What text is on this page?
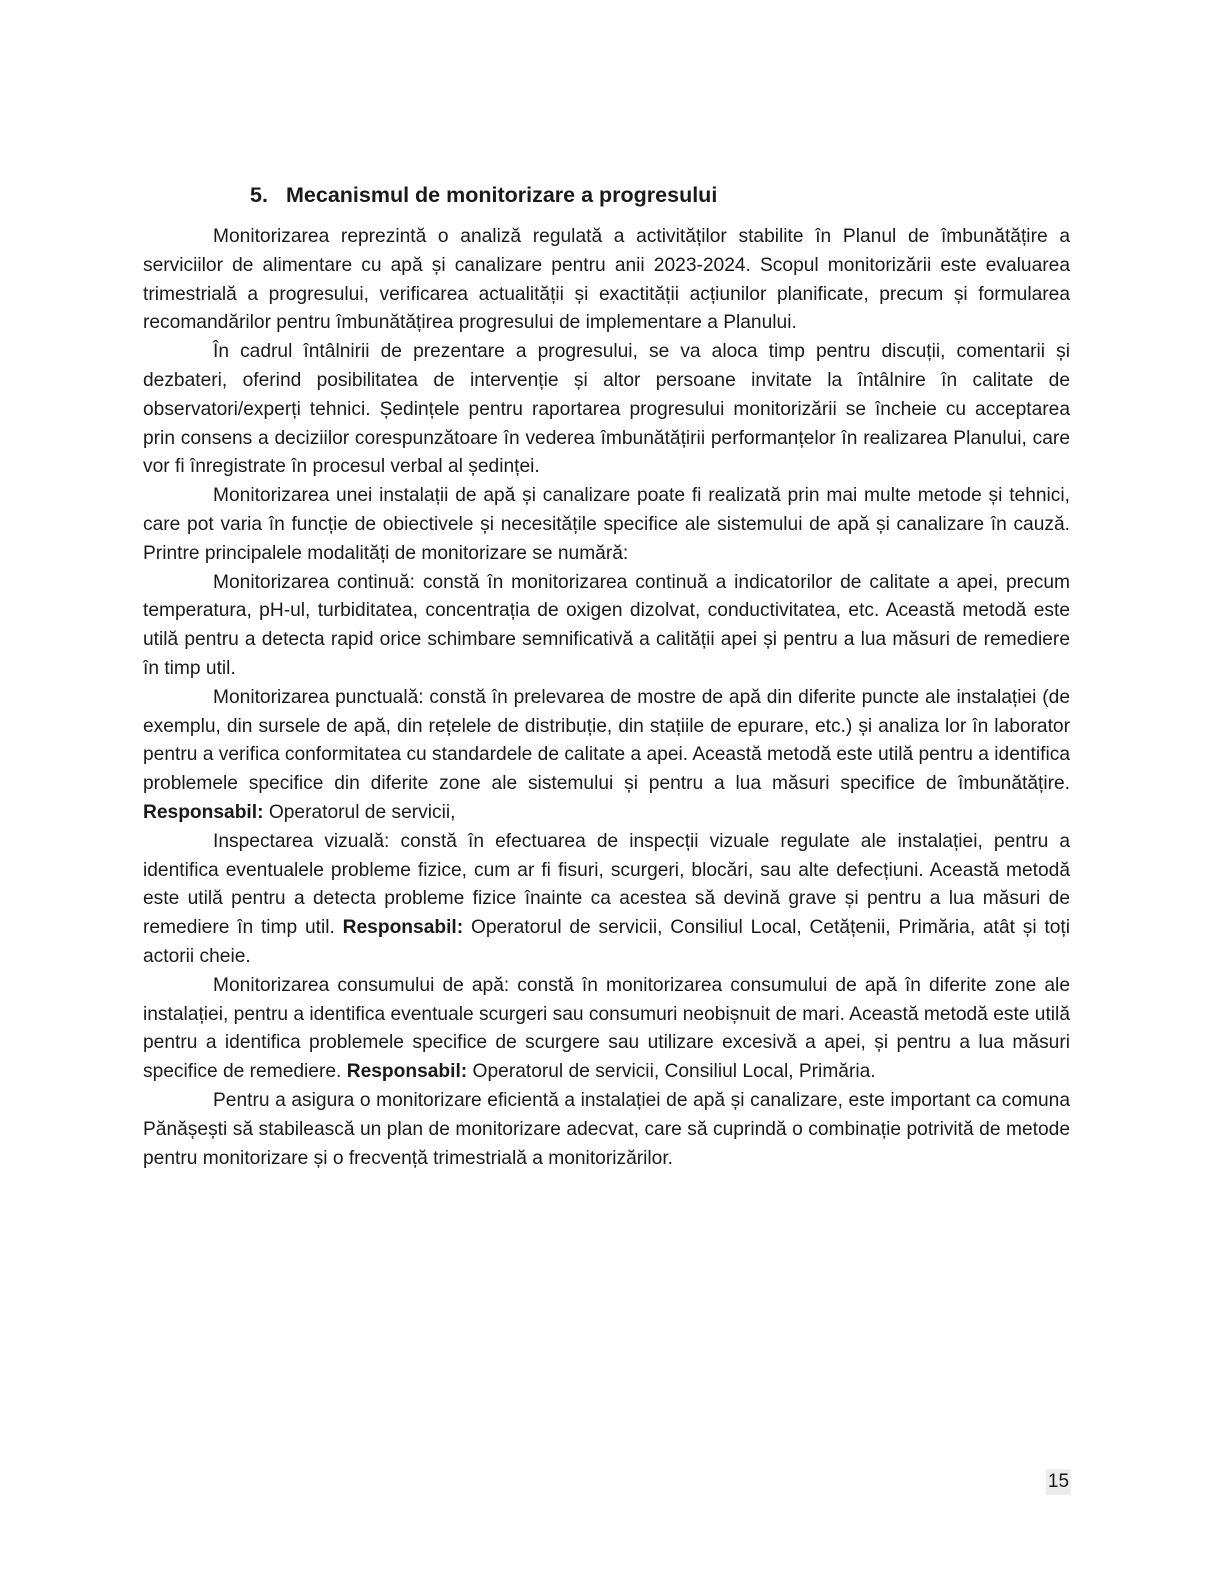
5. Mecanismul de monitorizare a progresului

Monitorizarea reprezintă o analiză regulată a activităților stabilite în Planul de îmbunătățire a serviciilor de alimentare cu apă și canalizare pentru anii 2023-2024. Scopul monitorizării este evaluarea trimestrială a progresului, verificarea actualității și exactității acțiunilor planificate, precum și formularea recomandărilor pentru îmbunătățirea progresului de implementare a Planului.

În cadrul întâlnirii de prezentare a progresului, se va aloca timp pentru discuții, comentarii și dezbateri, oferind posibilitatea de intervenție și altor persoane invitate la întâlnire în calitate de observatori/experți tehnici. Ședințele pentru raportarea progresului monitorizării se încheie cu acceptarea prin consens a deciziilor corespunzătoare în vederea îmbunătățirii performanțelor în realizarea Planului, care vor fi înregistrate în procesul verbal al ședinței.

Monitorizarea unei instalații de apă și canalizare poate fi realizată prin mai multe metode și tehnici, care pot varia în funcție de obiectivele și necesitățile specifice ale sistemului de apă și canalizare în cauză. Printre principalele modalități de monitorizare se numără:

Monitorizarea continuă: constă în monitorizarea continuă a indicatorilor de calitate a apei, precum temperatura, pH-ul, turbiditatea, concentrația de oxigen dizolvat, conductivitatea, etc. Această metodă este utilă pentru a detecta rapid orice schimbare semnificativă a calității apei și pentru a lua măsuri de remediere în timp util.

Monitorizarea punctuală: constă în prelevarea de mostre de apă din diferite puncte ale instalației (de exemplu, din sursele de apă, din rețelele de distribuție, din stațiile de epurare, etc.) și analiza lor în laborator pentru a verifica conformitatea cu standardele de calitate a apei. Această metodă este utilă pentru a identifica problemele specifice din diferite zone ale sistemului și pentru a lua măsuri specifice de îmbunătățire. Responsabil: Operatorul de servicii,

Inspectarea vizuală: constă în efectuarea de inspecții vizuale regulate ale instalației, pentru a identifica eventualele probleme fizice, cum ar fi fisuri, scurgeri, blocări, sau alte defecțiuni. Această metodă este utilă pentru a detecta probleme fizice înainte ca acestea să devină grave și pentru a lua măsuri de remediere în timp util. Responsabil: Operatorul de servicii, Consiliul Local, Cetățenii, Primăria, atât și toți actorii cheie.

Monitorizarea consumului de apă: constă în monitorizarea consumului de apă în diferite zone ale instalației, pentru a identifica eventuale scurgeri sau consumuri neobișnuit de mari. Această metodă este utilă pentru a identifica problemele specifice de scurgere sau utilizare excesivă a apei, și pentru a lua măsuri specifice de remediere. Responsabil: Operatorul de servicii, Consiliul Local, Primăria.

Pentru a asigura o monitorizare eficientă a instalației de apă și canalizare, este important ca comuna Pănășești să stabilească un plan de monitorizare adecvat, care să cuprindă o combinație potrivită de metode pentru monitorizare și o frecvență trimestrială a monitorizărilor.

15
